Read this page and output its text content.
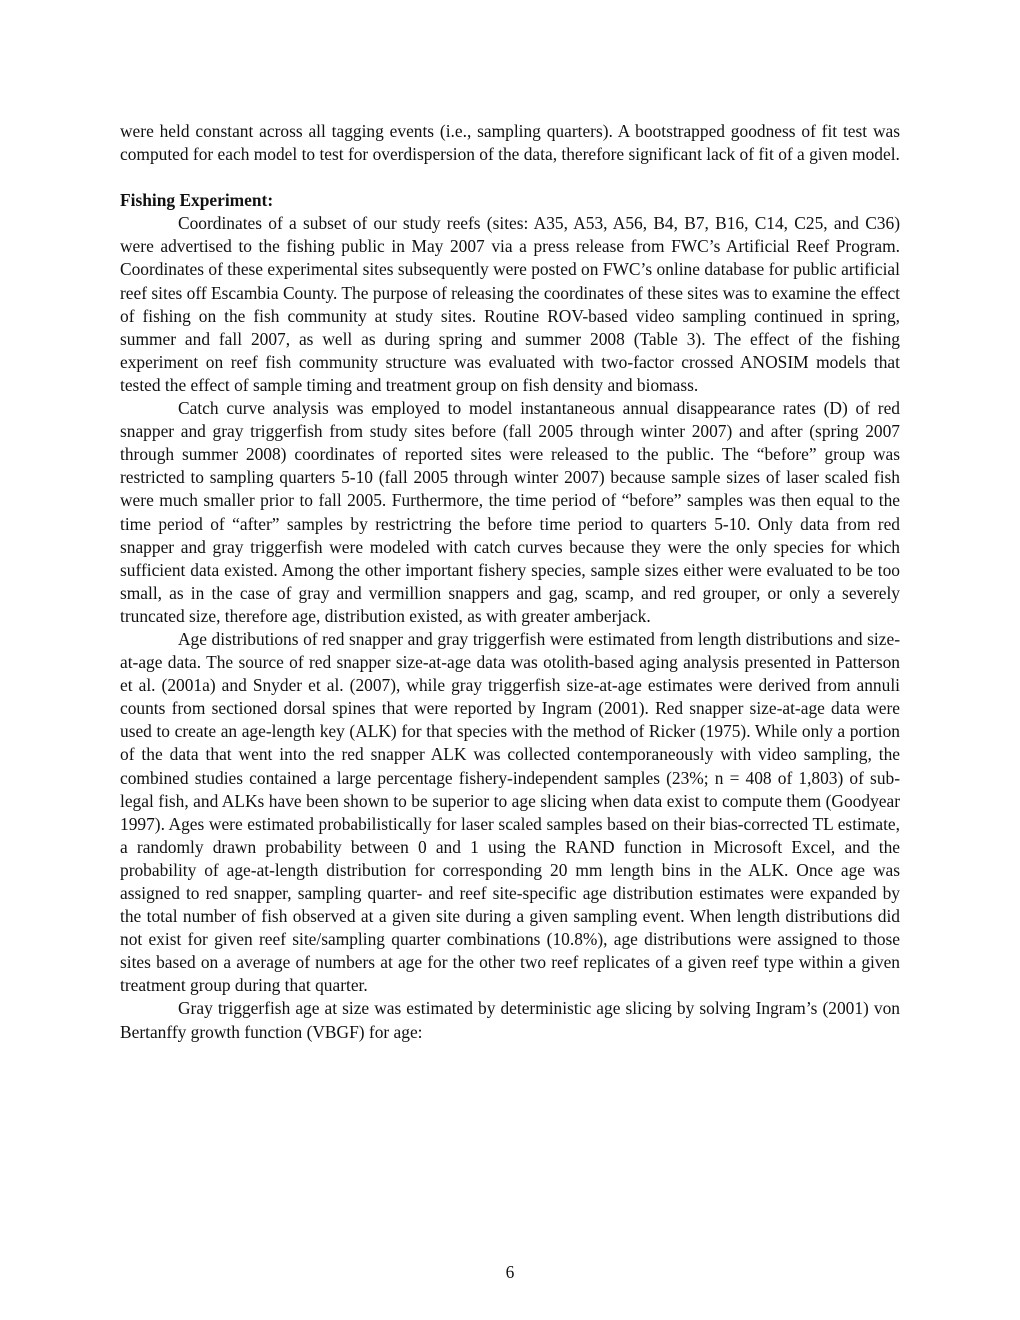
were held constant across all tagging events (i.e., sampling quarters). A bootstrapped goodness of fit test was computed for each model to test for overdispersion of the data, therefore significant lack of fit of a given model.

Fishing Experiment:

Coordinates of a subset of our study reefs (sites: A35, A53, A56, B4, B7, B16, C14, C25, and C36) were advertised to the fishing public in May 2007 via a press release from FWC’s Artificial Reef Program. Coordinates of these experimental sites subsequently were posted on FWC’s online database for public artificial reef sites off Escambia County. The purpose of releasing the coordinates of these sites was to examine the effect of fishing on the fish community at study sites. Routine ROV-based video sampling continued in spring, summer and fall 2007, as well as during spring and summer 2008 (Table 3). The effect of the fishing experiment on reef fish community structure was evaluated with two-factor crossed ANOSIM models that tested the effect of sample timing and treatment group on fish density and biomass.

Catch curve analysis was employed to model instantaneous annual disappearance rates (D) of red snapper and gray triggerfish from study sites before (fall 2005 through winter 2007) and after (spring 2007 through summer 2008) coordinates of reported sites were released to the public. The “before” group was restricted to sampling quarters 5-10 (fall 2005 through winter 2007) because sample sizes of laser scaled fish were much smaller prior to fall 2005. Furthermore, the time period of “before” samples was then equal to the time period of “after” samples by restrictring the before time period to quarters 5-10. Only data from red snapper and gray triggerfish were modeled with catch curves because they were the only species for which sufficient data existed. Among the other important fishery species, sample sizes either were evaluated to be too small, as in the case of gray and vermillion snappers and gag, scamp, and red grouper, or only a severely truncated size, therefore age, distribution existed, as with greater amberjack.

Age distributions of red snapper and gray triggerfish were estimated from length distributions and size-at-age data. The source of red snapper size-at-age data was otolith-based aging analysis presented in Patterson et al. (2001a) and Snyder et al. (2007), while gray triggerfish size-at-age estimates were derived from annuli counts from sectioned dorsal spines that were reported by Ingram (2001). Red snapper size-at-age data were used to create an age-length key (ALK) for that species with the method of Ricker (1975). While only a portion of the data that went into the red snapper ALK was collected contemporaneously with video sampling, the combined studies contained a large percentage fishery-independent samples (23%; n = 408 of 1,803) of sub-legal fish, and ALKs have been shown to be superior to age slicing when data exist to compute them (Goodyear 1997). Ages were estimated probabilistically for laser scaled samples based on their bias-corrected TL estimate, a randomly drawn probability between 0 and 1 using the RAND function in Microsoft Excel, and the probability of age-at-length distribution for corresponding 20 mm length bins in the ALK. Once age was assigned to red snapper, sampling quarter- and reef site-specific age distribution estimates were expanded by the total number of fish observed at a given site during a given sampling event. When length distributions did not exist for given reef site/sampling quarter combinations (10.8%), age distributions were assigned to those sites based on a average of numbers at age for the other two reef replicates of a given reef type within a given treatment group during that quarter.

Gray triggerfish age at size was estimated by deterministic age slicing by solving Ingram’s (2001) von Bertanffy growth function (VBGF) for age:

6
